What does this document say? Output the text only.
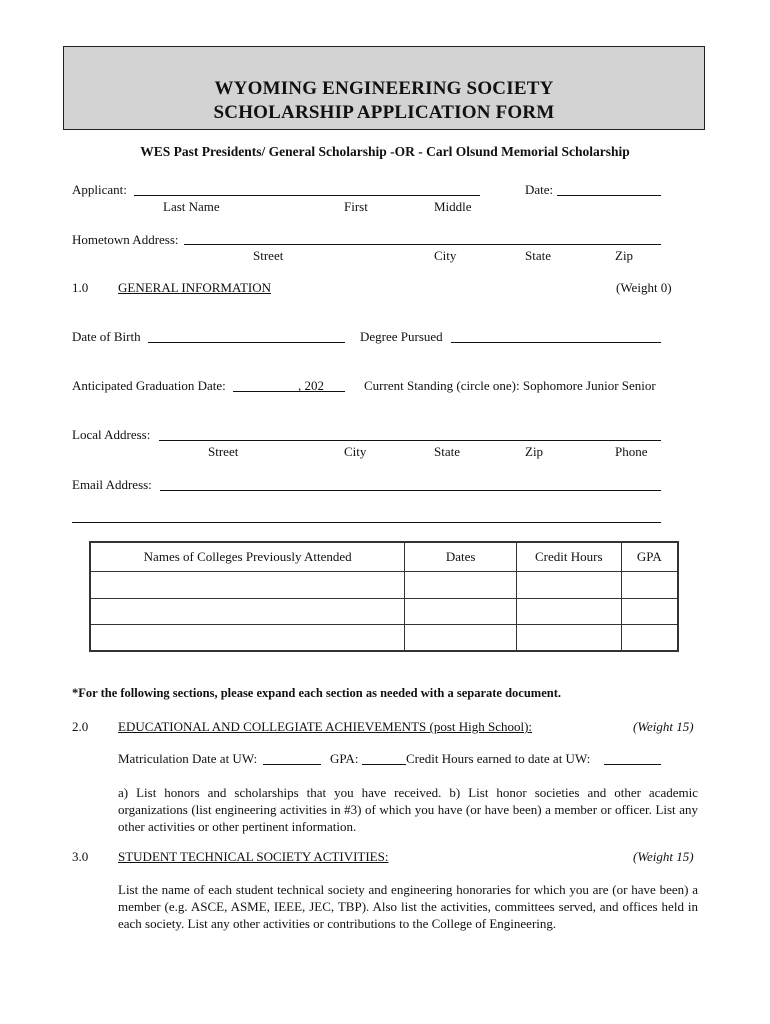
WYOMING ENGINEERING SOCIETY
SCHOLARSHIP APPLICATION FORM
WES Past Presidents/ General Scholarship -OR - Carl Olsund Memorial Scholarship
Applicant:	Date:
Last Name	First	Middle
Hometown Address:
Street	City	State	Zip
1.0 GENERAL INFORMATION	(Weight 0)
Date of Birth	Degree Pursued
Anticipated Graduation Date:	, 202	Current Standing (circle one): Sophomore Junior Senior
Local Address:
Street	City	State	Zip	Phone
Email Address:
Names of Colleges Previously Attended	Dates	Credit Hours	GPA

*For the following sections, please expand each section as needed with a separate document.
2.0 EDUCATIONAL AND COLLEGIATE ACHIEVEMENTS (post High School):	(Weight 15)
Matriculation Date at UW:	GPA:	Credit Hours earned to date at UW:
a) List honors and scholarships that you have received. b) List honor societies and other academic organizations (list engineering activities in #3) of which you have (or have been) a member or officer. List any other activities or other pertinent information.
3.0 STUDENT TECHNICAL SOCIETY ACTIVITIES:	(Weight 15)
List the name of each student technical society and engineering honoraries for which you are (or have been) a member (e.g. ASCE, ASME, IEEE, JEC, TBP). Also list the activities, committees served, and offices held in each society. List any other activities or contributions to the College of Engineering.
